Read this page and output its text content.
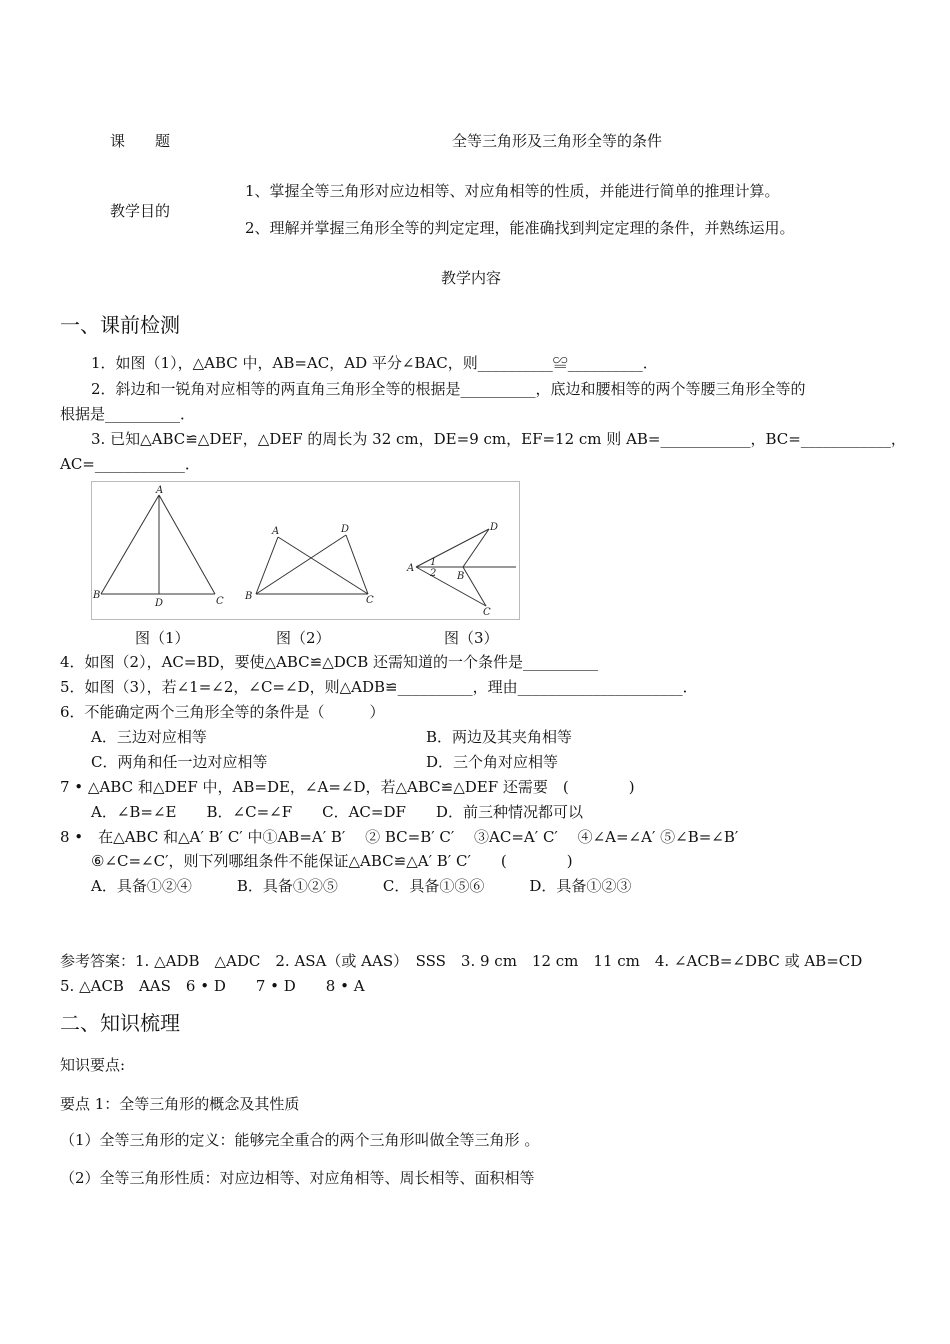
课　　题	全等三角形及三角形全等的条件
教学目的
1、掌握全等三角形对应边相等、对应角相等的性质，并能进行简单的推理计算。
2、理解并掌握三角形全等的判定定理，能准确找到判定定理的条件，并熟练运用。
教学内容
一、课前检测
1．如图（1），△ABC 中，AB=AC，AD 平分∠BAC，则__________≌__________．
2．斜边和一锐角对应相等的两直角三角形全等的根据是__________，底边和腰相等的两个等腰三角形全等的
根据是__________．
3. 已知△ABC≌△DEF，△DEF 的周长为 32 cm，DE=9 cm，EF=12 cm 则 AB=____________，BC=____________，
AC=____________．
A
B
D	C
A	D
B	C
D
A
1
2 B
C
图（1）	图（2）	图（3）
4．如图（2），AC=BD，要使△ABC≌△DCB 还需知道的一个条件是__________
5．如图（3），若∠1=∠2，∠C=∠D，则△ADB≌__________，理由______________________．
6．不能确定两个三角形全等的条件是（　　　）
A．三边对应相等	B．两边及其夹角相等
C．两角和任一边对应相等	D．三个角对应相等
7 • △ABC 和△DEF 中，AB=DE，∠A=∠D，若△ABC≌△DEF 还需要　(　　　　)
A．∠B=∠E　　B．∠C=∠F　　C．AC=DF　　D．前三种情况都可以
8 •　在△ABC 和△A′ B′ C′ 中①AB=A′ B′　 ② BC=B′ C′ 　③AC=A′ C′ 　④∠A=∠A′ ⑤∠B=∠B′
⑥∠C=∠C′，则下列哪组条件不能保证△ABC≌△A′ B′ C′　　(　　　　)
A．具备①②④　　　B．具备①②⑤　　　C．具备①⑤⑥　　　D．具备①②③
参考答案：1. △ADB　△ADC　2. ASA（或 AAS）　SSS　3. 9 cm　12 cm　11 cm　4. ∠ACB=∠DBC 或 AB=CD
5. △ACB　AAS　6 • D　　7 • D　　8 • A
二、知识梳理
知识要点:
要点 1：全等三角形的概念及其性质
（1）全等三角形的定义：能够完全重合的两个三角形叫做全等三角形 。
（2）全等三角形性质：对应边相等、对应角相等、周长相等、面积相等
